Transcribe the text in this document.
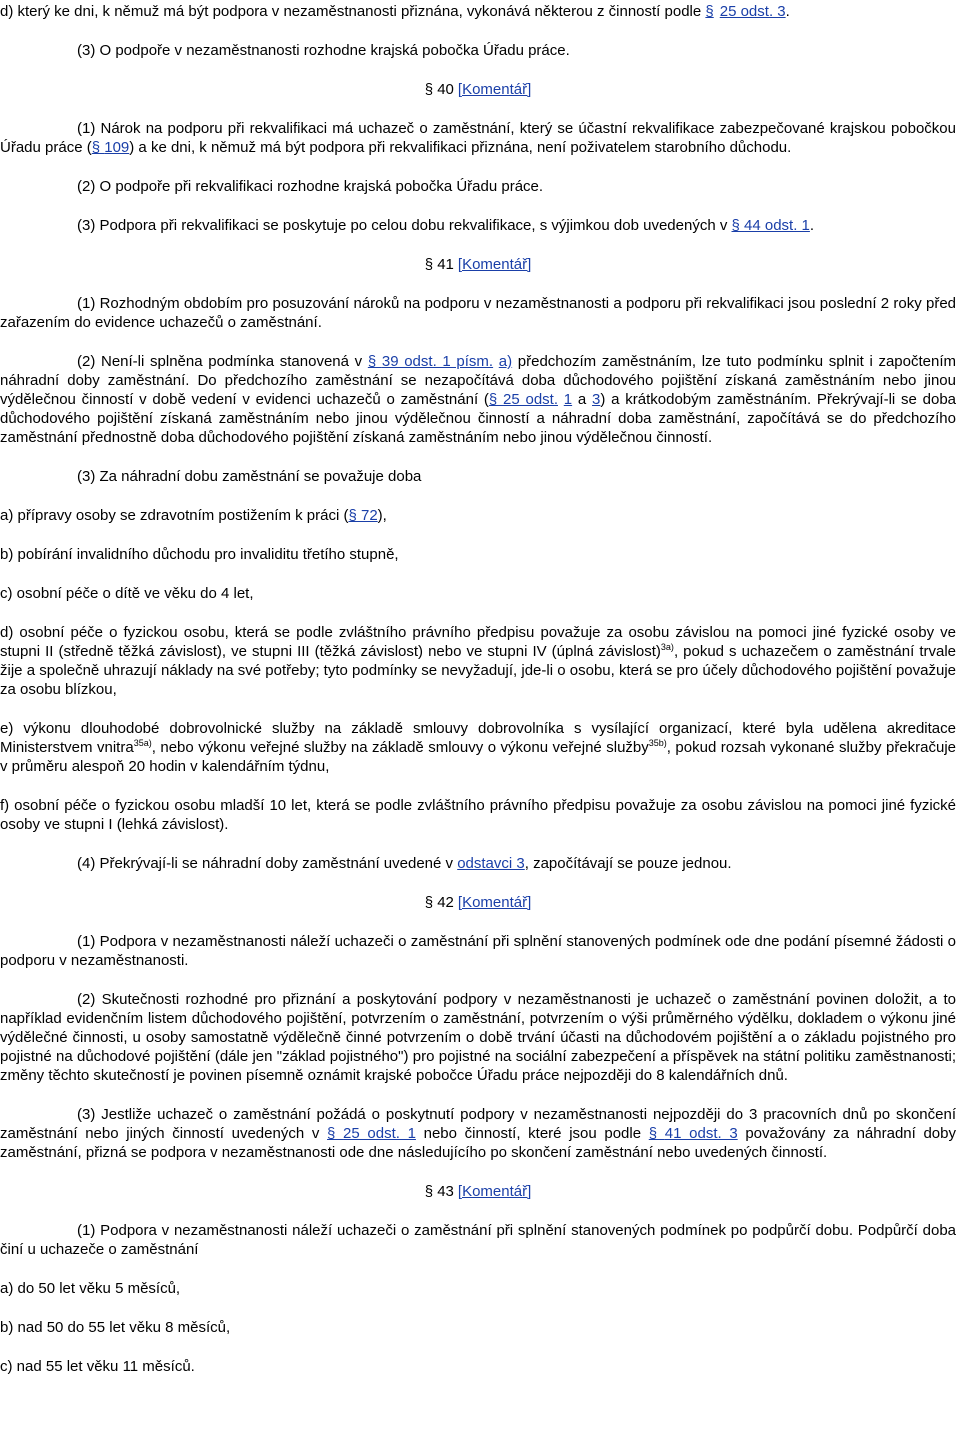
d) který ke dni, k němuž má být podpora v nezaměstnanosti přiznána, vykonává některou z činností podle § 25 odst. 3.

(3) O podpoře v nezaměstnanosti rozhodne krajská pobočka Úřadu práce.

§ 40 [Komentář]

(1) Nárok na podporu při rekvalifikaci má uchazeč o zaměstnání, který se účastní rekvalifikace zabezpečované krajskou pobočkou Úřadu práce (§ 109) a ke dni, k němuž má být podpora při rekvalifikaci přiznána, není poživatelem starobního důchodu.

(2) O podpoře při rekvalifikaci rozhodne krajská pobočka Úřadu práce.

(3) Podpora při rekvalifikaci se poskytuje po celou dobu rekvalifikace, s výjimkou dob uvedených v § 44 odst. 1.

§ 41 [Komentář]

(1) Rozhodným obdobím pro posuzování nároků na podporu v nezaměstnanosti a podporu při rekvalifikaci jsou poslední 2 roky před zařazením do evidence uchazečů o zaměstnání.

(2) Není-li splněna podmínka stanovená v § 39 odst. 1 písm. a) předchozím zaměstnáním, lze tuto podmínku splnit i započtením náhradní doby zaměstnání. Do předchozího zaměstnání se nezapočítává doba důchodového pojištění získaná zaměstnáním nebo jinou výdělečnou činností v době vedení v evidenci uchazečů o zaměstnání (§ 25 odst. 1 a 3) a krátkodobým zaměstnáním. Překrývají-li se doba důchodového pojištění získaná zaměstnáním nebo jinou výdělečnou činností a náhradní doba zaměstnání, započítává se do předchozího zaměstnání přednostně doba důchodového pojištění získaná zaměstnáním nebo jinou výdělečnou činností.

(3) Za náhradní dobu zaměstnání se považuje doba

a) přípravy osoby se zdravotním postižením k práci (§ 72),

b) pobírání invalidního důchodu pro invaliditu třetího stupně,

c) osobní péče o dítě ve věku do 4 let,

d) osobní péče o fyzickou osobu, která se podle zvláštního právního předpisu považuje za osobu závislou na pomoci jiné fyzické osoby ve stupni II (středně těžká závislost), ve stupni III (těžká závislost) nebo ve stupni IV (úplná závislost)$^{3a)}$, pokud s uchazečem o zaměstnání trvale žije a společně uhrazují náklady na své potřeby; tyto podmínky se nevyžadují, jde-li o osobu, která se pro účely důchodového pojištění považuje za osobu blízkou,

e) výkonu dlouhodobé dobrovolnické služby na základě smlouvy dobrovolníka s vysílající organizací, které byla udělena akreditace Ministerstvem vnitra$^{35a)}$, nebo výkonu veřejné služby na základě smlouvy o výkonu veřejné služby$^{35b)}$, pokud rozsah vykonané služby překračuje v průměru alespoň 20 hodin v kalendářním týdnu,

f) osobní péče o fyzickou osobu mladší 10 let, která se podle zvláštního právního předpisu považuje za osobu závislou na pomoci jiné fyzické osoby ve stupni I (lehká závislost).

(4) Překrývají-li se náhradní doby zaměstnání uvedené v odstavci 3, započítávají se pouze jednou.

§ 42 [Komentář]

(1) Podpora v nezaměstnanosti náleží uchazeči o zaměstnání při splnění stanovených podmínek ode dne podání písemné žádosti o podporu v nezaměstnanosti.

(2) Skutečnosti rozhodné pro přiznání a poskytování podpory v nezaměstnanosti je uchazeč o zaměstnání povinen doložit, a to například evidenčním listem důchodového pojištění, potvrzením o zaměstnání, potvrzením o výši průměrného výdělku, dokladem o výkonu jiné výdělečné činnosti, u osoby samostatně výdělečně činné potvrzením o době trvání účasti na důchodovém pojištění a o základu pojistného pro pojistné na důchodové pojištění (dále jen "základ pojistného") pro pojistné na sociální zabezpečení a příspěvek na státní politiku zaměstnanosti; změny těchto skutečností je povinen písemně oznámit krajské pobočce Úřadu práce nejpozději do 8 kalendářních dnů.

(3) Jestliže uchazeč o zaměstnání požádá o poskytnutí podpory v nezaměstnanosti nejpozději do 3 pracovních dnů po skončení zaměstnání nebo jiných činností uvedených v § 25 odst. 1 nebo činností, které jsou podle § 41 odst. 3 považovány za náhradní doby zaměstnání, přizná se podpora v nezaměstnanosti ode dne následujícího po skončení zaměstnání nebo uvedených činností.

§ 43 [Komentář]

(1) Podpora v nezaměstnanosti náleží uchazeči o zaměstnání při splnění stanovených podmínek po podpůrčí dobu. Podpůrčí doba činí u uchazeče o zaměstnání

a) do 50 let věku 5 měsíců,

b) nad 50 do 55 let věku 8 měsíců,

c) nad 55 let věku 11 měsíců.
